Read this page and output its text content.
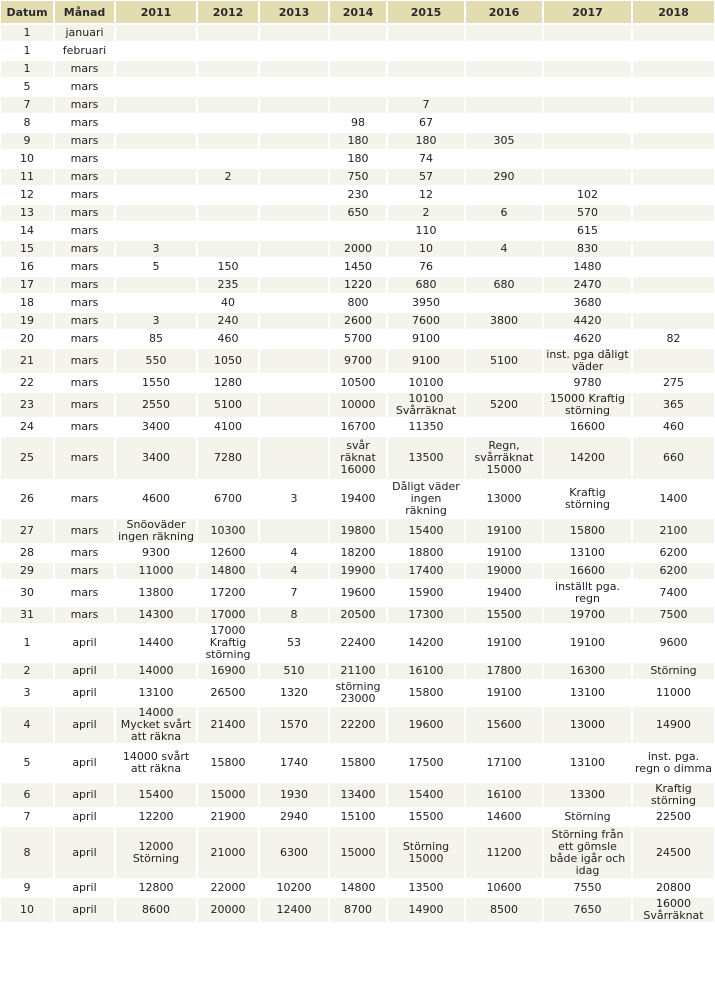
Datum	Månad	2011	2012	2013	2014	2015	2016	2017	2018
1	januari								
1	februari								
1	mars								
5	mars								
7	mars					7			
8	mars				98	67			
9	mars				180	180	305		
10	mars				180	74			
11	mars		2		750	57	290		
12	mars				230	12		102	
13	mars				650	2	6	570	
14	mars					110		615	
15	mars	3			2000	10	4	830	
16	mars	5	150		1450	76		1480	
17	mars		235		1220	680	680	2470	
18	mars		40		800	3950		3680	
19	mars	3	240		2600	7600	3800	4420	
20	mars	85	460		5700	9100		4620	82
21	mars	550	1050		9700	9100	5100	inst. pga dåligt väder	
22	mars	1550	1280		10500	10100		9780	275
23	mars	2550	5100		10000	10100 Svårräknat	5200	15000 Kraftig störning	365
24	mars	3400	4100		16700	11350		16600	460
25	mars	3400	7280		svår räknat 16000	13500	Regn, svårräknat 15000	14200	660
26	mars	4600	6700	3	19400	Dåligt väder ingen räkning	13000	Kraftig störning	1400
27	mars	Snöoväder ingen räkning	10300		19800	15400	19100	15800	2100
28	mars	9300	12600	4	18200	18800	19100	13100	6200
29	mars	11000	14800	4	19900	17400	19000	16600	6200
30	mars	13800	17200	7	19600	15900	19400	inställt pga. regn	7400
31	mars	14300	17000	8	20500	17300	15500	19700	7500
1	april	14400	17000 Kraftig störning	53	22400	14200	19100	19100	9600
2	april	14000	16900	510	21100	16100	17800	16300	Störning
3	april	13100	26500	1320	störning 23000	15800	19100	13100	11000
4	april	14000 Mycket svårt att räkna	21400	1570	22200	19600	15600	13000	14900
5	april	14000 svårt att räkna	15800	1740	15800	17500	17100	13100	inst. pga. regn o dimma
6	april	15400	15000	1930	13400	15400	16100	13300	Kraftig störning
7	april	12200	21900	2940	15100	15500	14600	Störning	22500
8	april	12000 Störning	21000	6300	15000	Störning 15000	11200	Störning från ett gömsle både igår och idag	24500
9	april	12800	22000	10200	14800	13500	10600	7550	20800
10	april	8600	20000	12400	8700	14900	8500	7650	16000 Svårräknat
